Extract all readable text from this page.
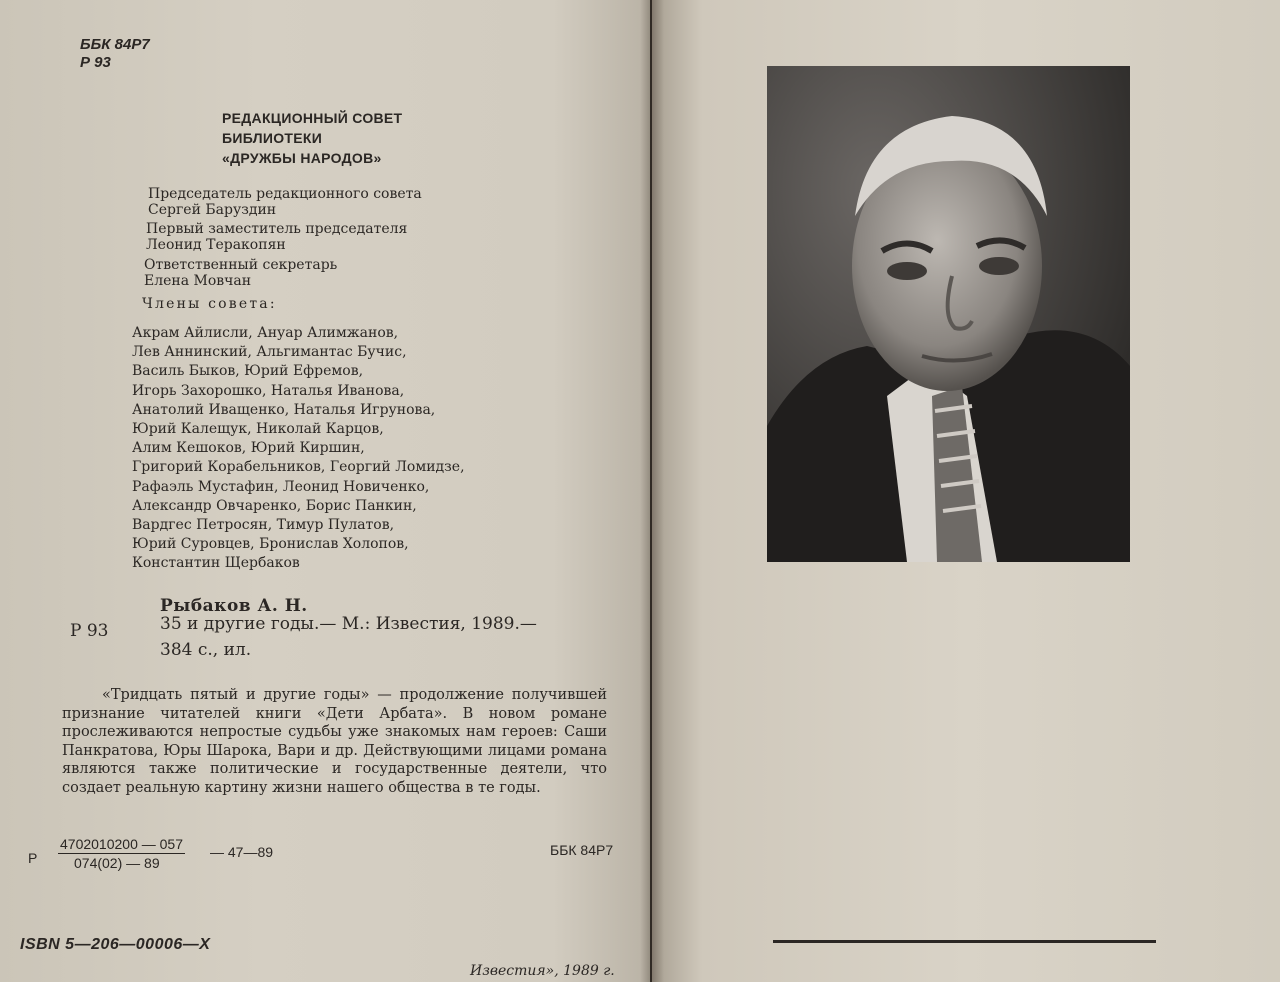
ББК 84Р7
Р 93
РЕДАКЦИОННЫЙ СОВЕТ
БИБЛИОТЕКИ
«ДРУЖБЫ НАРОДОВ»
Председатель редакционного совета
Сергей Баруздин
Первый заместитель председателя
Леонид Теракопян
Ответственный секретарь
Елена Мовчан
Члены совета:
Акрам Айлисли, Ануар Алимжанов,
Лев Аннинский, Альгимантас Бучис,
Василь Быков, Юрий Ефремов,
Игорь Захорошко, Наталья Иванова,
Анатолий Иващенко, Наталья Игрунова,
Юрий Калещук, Николай Карцов,
Алим Кешоков, Юрий Киршин,
Григорий Корабельников, Георгий Ломидзе,
Рафаэль Мустафин, Леонид Новиченко,
Александр Овчаренко, Борис Панкин,
Вардгес Петросян, Тимур Пулатов,
Юрий Суровцев, Бронислав Холопов,
Константин Щербаков
Рыбаков А. Н.
Р 93	35 и другие годы.— М.: Известия, 1989.—
384 с., ил.

«Тридцать пятый и другие годы» — продолжение получившей признание читателей книги «Дети Арбата». В новом романе прослеживаются непростые судьбы уже знакомых нам героев: Саши Панкратова, Юры Шарока, Вари и др. Действующими лицами романа являются также политические и государственные деятели, что создает реальную картину жизни нашего общества в те годы.

Р $\frac{4702010200 — 057}{074(02) — 89}$ — 47—89	ББК 84Р7
ISBN 5—206—00006—X
Известия», 1989 г.
